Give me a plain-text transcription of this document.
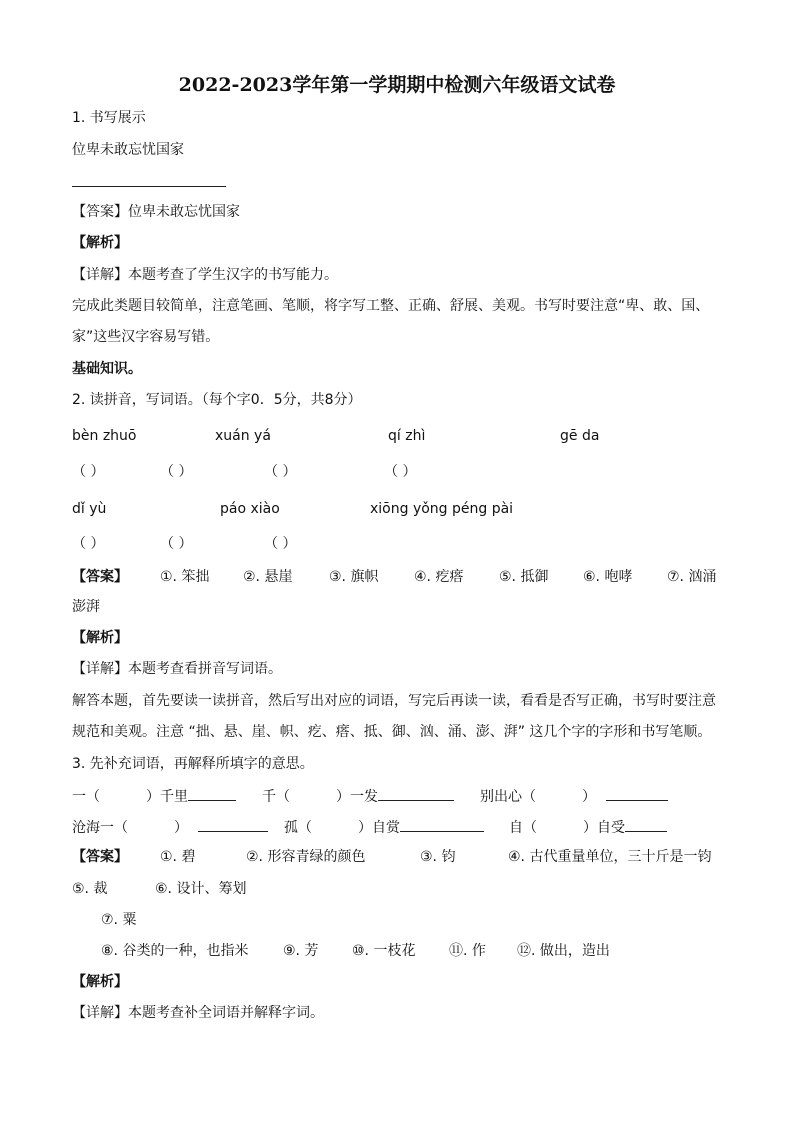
2022-2023学年第一学期期中检测六年级语文试卷
1. 书写展示
位卑未敢忘忧国家
【答案】位卑未敢忘忧国家
【解析】
【详解】本题考查了学生汉字的书写能力。
完成此类题目较简单，注意笔画、笔顺，将字写工整、正确、舒展、美观。书写时要注意“卑、敢、国、
家”这些汉字容易写错。
基础知识。
2. 读拼音，写词语。（每个字0．5分，共8分）
bèn zhuō	xuán yá	qí zhì	gē da
（ ）	（ ）	（ ）	（ ）
dǐ yù	páo xiào	xiōng yǒng péng pài
（ ）	（ ）	（ ）
【答案】 ①. 笨拙 ②. 悬崖	③. 旗帜	④. 疙瘩	⑤. 抵御 ⑥. 咆哮 ⑦. 汹涌
澎湃
【解析】
【详解】本题考查看拼音写词语。
解答本题，首先要读一读拼音，然后写出对应的词语，写完后再读一读，看看是否写正确，书写时要注意
规范和美观。注意 “拙、悬、崖、帜、疙、瘩、抵、御、汹、涌、澎、湃” 这几个字的字形和书写笔顺。
3. 先补充词语，再解释所填字的意思。
一（	）千里	千（	）一发	别出心（	）
沧海一（	）	孤（	）自赏	自（	）自受
【答案】 ①. 碧	②. 形容青绿的颜色	③. 钧	④. 古代重量单位，三十斤是一钧
⑤. 裁	⑥. 设计、筹划
⑦. 粟
⑧. 谷类的一种，也指米 ⑨. 芳 ⑩. 一枝花 ⑪. 作 ⑫. 做出，造出
【解析】
【详解】本题考查补全词语并解释字词。
